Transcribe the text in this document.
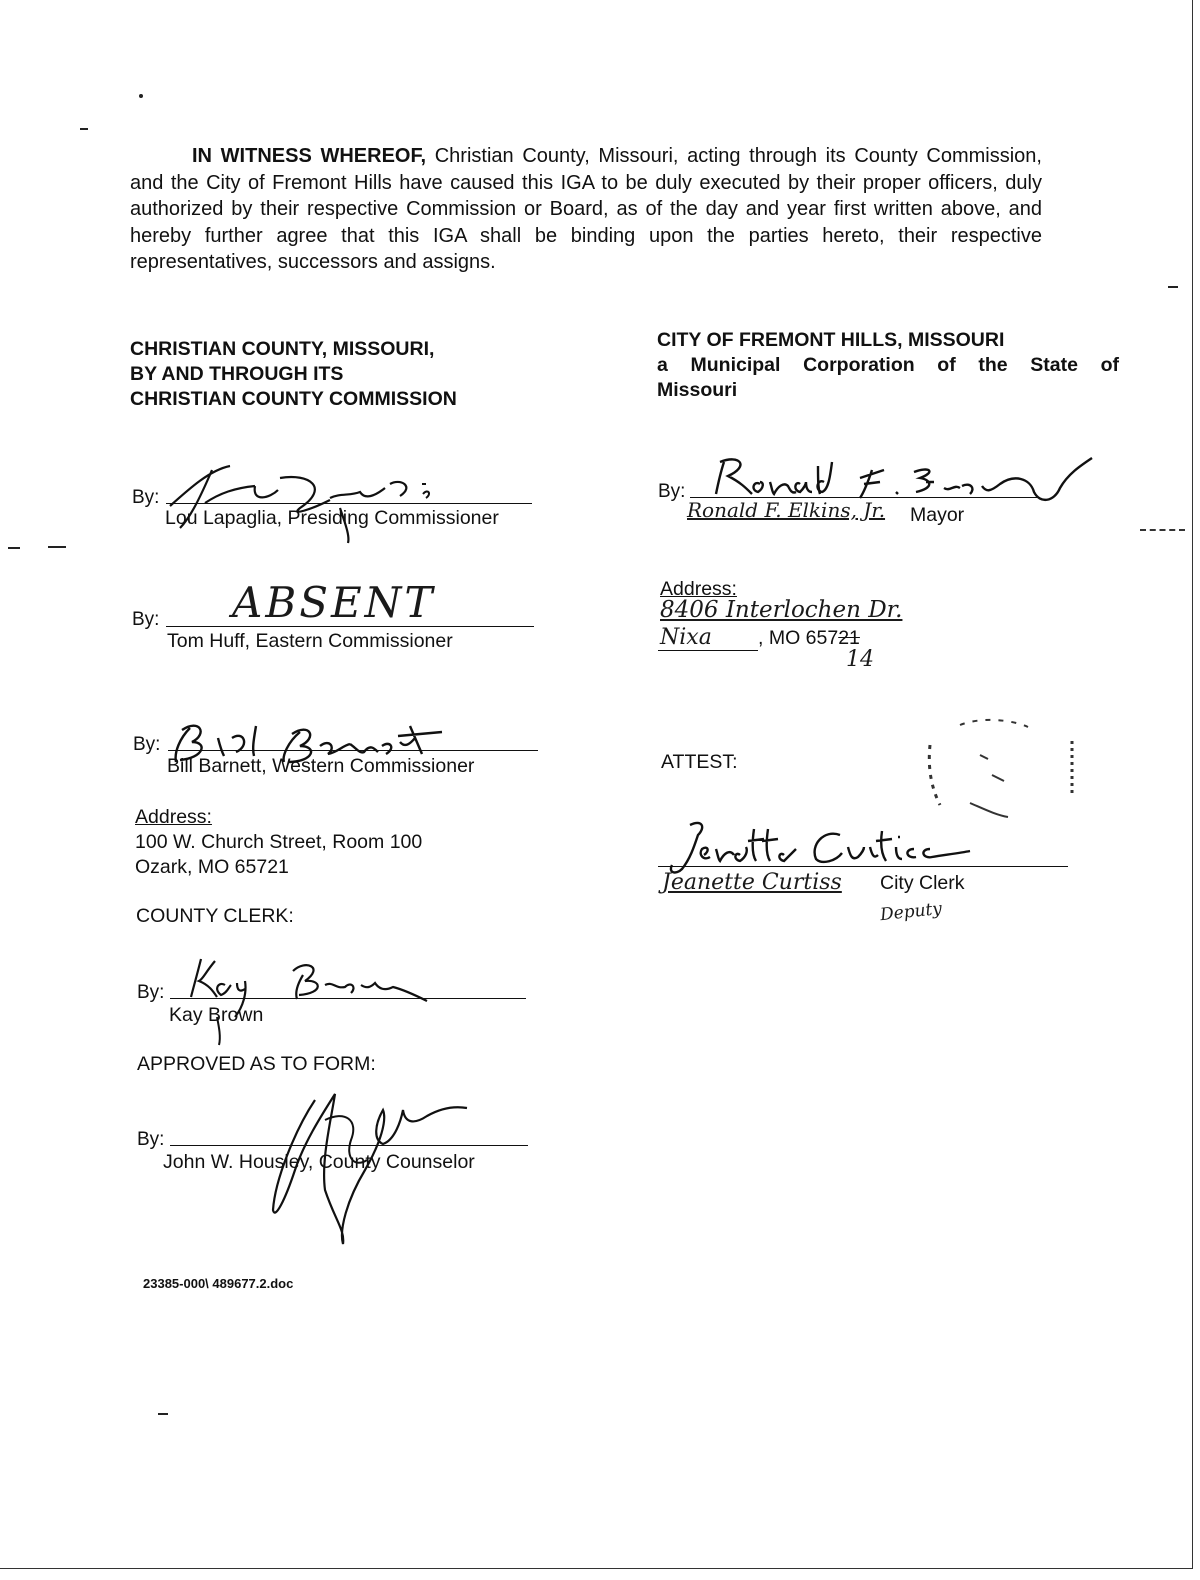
IN WITNESS WHEREOF, Christian County, Missouri, acting through its County Commission, and the City of Fremont Hills have caused this IGA to be duly executed by their proper officers, duly authorized by their respective Commission or Board, as of the day and year first written above, and hereby further agree that this IGA shall be binding upon the parties hereto, their respective representatives, successors and assigns.
CHRISTIAN COUNTY, MISSOURI,
BY AND THROUGH ITS
CHRISTIAN COUNTY COMMISSION
By:
Lou Lapaglia, Presiding Commissioner
By: ABSENT
Tom Huff, Eastern Commissioner
By:
Bill Barnett, Western Commissioner
Address:
100 W. Church Street, Room 100
Ozark, MO 65721
COUNTY CLERK:
By:
Kay Brown
APPROVED AS TO FORM:
By:
John W. Housley, County Counselor
23385-000\ 489677.2.doc
CITY OF FREMONT HILLS, MISSOURI
a Municipal Corporation of the State of
Missouri
By:
Ronald F. Elkins, Jr. Mayor
Address:
8406 Interlochen Dr.
Nixa , MO 65721
14
ATTEST:
Jeanette Curtiss City Clerk
Deputy
